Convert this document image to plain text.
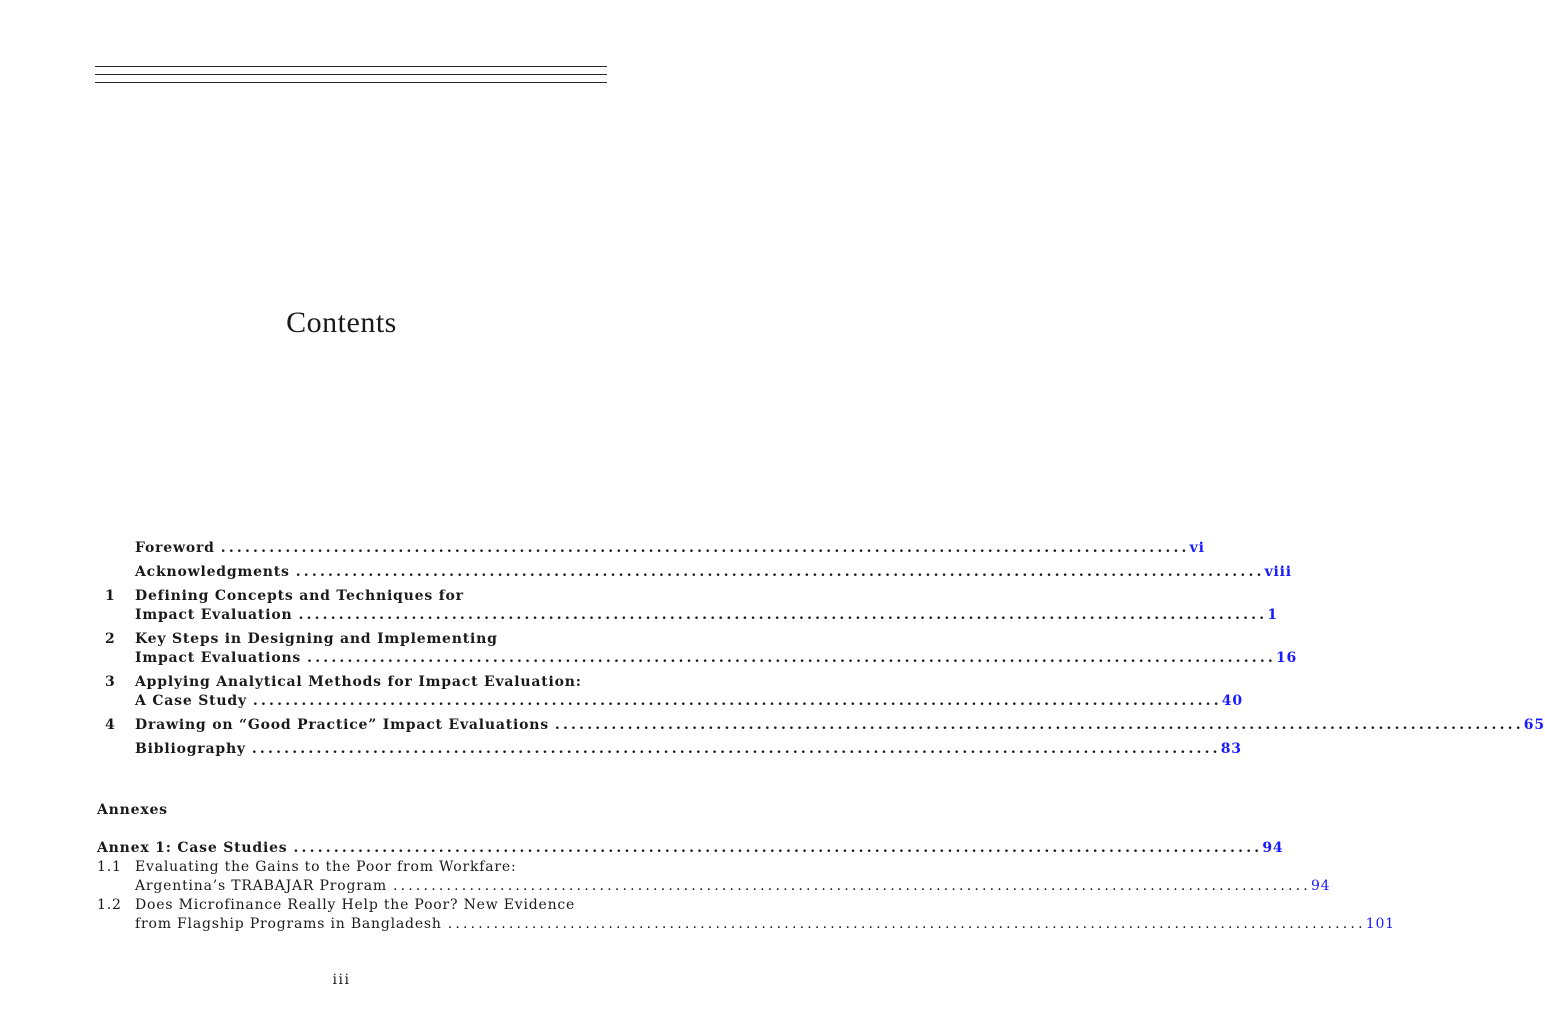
Contents
Foreword ........................................................................................................................ vi
Acknowledgments ........................................................................................................................ viii
1 Defining Concepts and Techniques for
Impact Evaluation ........................................................................................................................ 1
2 Key Steps in Designing and Implementing
Impact Evaluations ........................................................................................................................ 16
3 Applying Analytical Methods for Impact Evaluation:
A Case Study ........................................................................................................................ 40
4 Drawing on “Good Practice” Impact Evaluations ........................................................................................................................ 65
Bibliography ........................................................................................................................ 83
Annexes
Annex 1: Case Studies ........................................................................................................................ 94
1.1 Evaluating the Gains to the Poor from Workfare:
Argentina’s TRABAJAR Program ........................................................................................................................ 94
1.2 Does Microfinance Really Help the Poor? New Evidence
from Flagship Programs in Bangladesh ........................................................................................................................ 101
iii
